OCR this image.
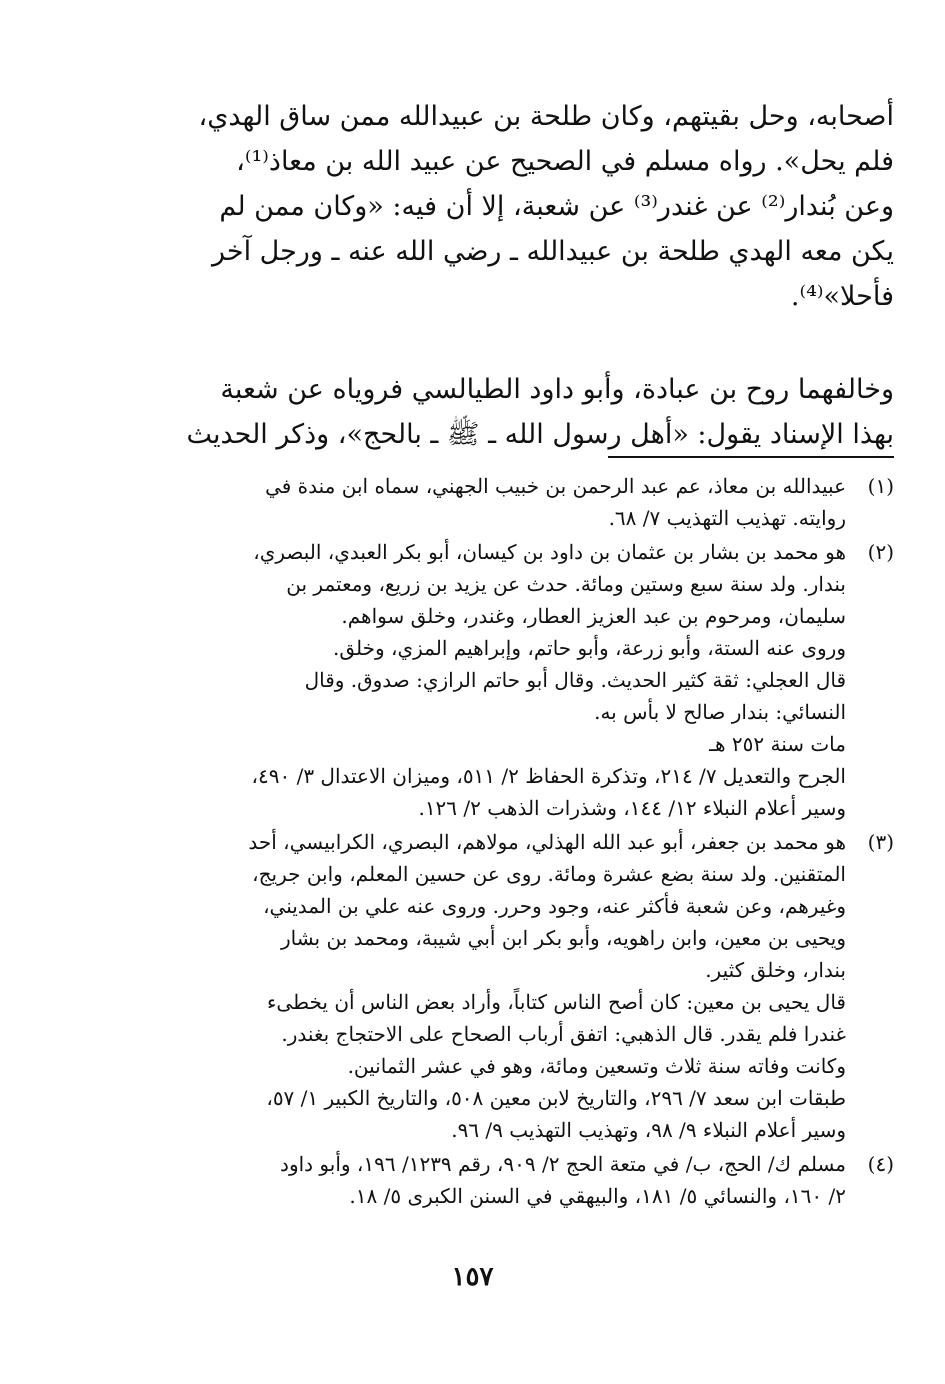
أصحابه، وحل بقيتهم، وكان طلحة بن عبيدالله ممن ساق الهدي،
فلم يحل». رواه مسلم في الصحيح عن عبيد الله بن معاذ⁽¹⁾،
وعن بُندار⁽²⁾ عن غندر⁽³⁾ عن شعبة، إلا أن فيه: «وكان ممن لم
يكن معه الهدي طلحة بن عبيدالله ـ رضي الله عنه ـ ورجل آخر
فأحلا»⁽⁴⁾.

وخالفهما روح بن عبادة، وأبو داود الطيالسي فروياه عن شعبة
بهذا الإسناد يقول: «أهل رسول الله ـ ﷺ ـ بالحج»، وذكر الحديث

(١)
عبيدالله بن معاذ، عم عبد الرحمن بن خبيب الجهني، سماه ابن مندة في
روايته. تهذيب التهذيب ٧/ ٦٨.
(٢)
هو محمد بن بشار بن عثمان بن داود بن كيسان، أبو بكر العبدي، البصري،
بندار. ولد سنة سبع وستين ومائة. حدث عن يزيد بن زريع، ومعتمر بن
سليمان، ومرحوم بن عبد العزيز العطار، وغندر، وخلق سواهم.
وروى عنه الستة، وأبو زرعة، وأبو حاتم، وإبراهيم المزي، وخلق.
قال العجلي: ثقة كثير الحديث. وقال أبو حاتم الرازي: صدوق. وقال
النسائي: بندار صالح لا بأس به.
مات سنة ٢٥٢ هـ
الجرح والتعديل ٧/ ٢١٤، وتذكرة الحفاظ ٢/ ٥١١، وميزان الاعتدال ٣/ ٤٩٠،
وسير أعلام النبلاء ١٢/ ١٤٤، وشذرات الذهب ٢/ ١٢٦.
(٣)
هو محمد بن جعفر، أبو عبد الله الهذلي، مولاهم، البصري، الكرابيسي، أحد
المتقنين. ولد سنة بضع عشرة ومائة. روى عن حسين المعلم، وابن جريج،
وغيرهم، وعن شعبة فأكثر عنه، وجود وحرر. وروى عنه علي بن المديني،
ويحيى بن معين، وابن راهويه، وأبو بكر ابن أبي شيبة، ومحمد بن بشار
بندار، وخلق كثير.
قال يحيى بن معين: كان أصح الناس كتاباً، وأراد بعض الناس أن يخطىء
غندرا فلم يقدر. قال الذهبي: اتفق أرباب الصحاح على الاحتجاج بغندر.
وكانت وفاته سنة ثلاث وتسعين ومائة، وهو في عشر الثمانين.
طبقات ابن سعد ٧/ ٢٩٦، والتاريخ لابن معين ٥٠٨، والتاريخ الكبير ١/ ٥٧،
وسير أعلام النبلاء ٩/ ٩٨، وتهذيب التهذيب ٩/ ٩٦.
(٤)
مسلم ك/ الحج، ب/ في متعة الحج ٢/ ٩٠٩، رقم ١٢٣٩/ ١٩٦، وأبو داود
٢/ ١٦٠، والنسائي ٥/ ١٨١، والبيهقي في السنن الكبرى ٥/ ١٨.
١٥٧
